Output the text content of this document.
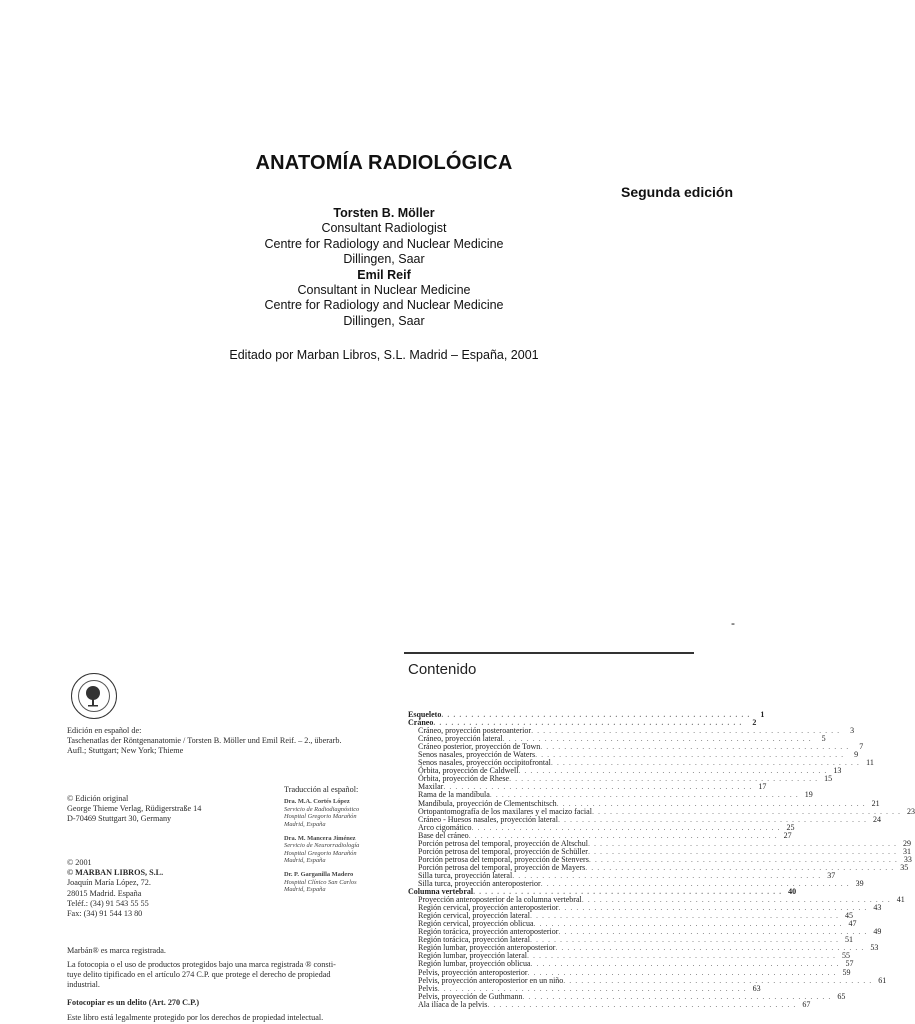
ANATOMÍA RADIOLÓGICA
Segunda edición
Torsten B. Möller
Consultant Radiologist
Centre for Radiology and Nuclear Medicine
Dillingen, Saar
Emil Reif
Consultant in Nuclear Medicine
Centre for Radiology and Nuclear Medicine
Dillingen, Saar
Editado por Marban Libros, S.L. Madrid – España, 2001
-
Edición en español de:
Taschenatlas der Röntgenanatomie / Torsten B. Möller und Emil Reif. – 2., überarb.
Aufl.; Stuttgart; New York; Thieme
© Edición original
George Thieme Verlag, Rüdigerstraße 14
D-70469 Stuttgart 30, Germany
© 2001
© MARBAN LIBROS, S.L.
Joaquín María López, 72.
28015 Madrid. España
Teléf.: (34) 91 543 55 55
Fax: (34) 91 544 13 80
Traducción al español:
Dra. M.A. Cortés López
Servicio de Radiodiagnóstico
Hospital Gregorio Marañón
Madrid, España
Dra. M. Mancera Jiménez
Servicio de Neurorradiología
Hospital Gregorio Marañón
Madrid, España
Dr. P. Garganilla Madero
Hospital Clínico San Carlos
Madrid, España
Marbán® es marca registrada.
La fotocopia o el uso de productos protegidos bajo una marca registrada ® consti-
tuye delito tipificado en el artículo 274 C.P. que protege el derecho de propiedad
industrial.
Fotocopiar es un delito (Art. 270 C.P.)
Este libro está legalmente protegido por los derechos de propiedad intelectual.
Contenido
Esqueleto . . . . . . . . . . . . . . . . . . . . . . . . . . . . . . . . . . . . . . . . . . . . . . . . . . . .	1
Cráneo . . . . . . . . . . . . . . . . . . . . . . . . . . . . . . . . . . . . . . . . . . . . . . . . . . . .	2
Cráneo, proyección posteroanterior . . . . . . . . . . . . . . . . . . . . . . . . . . . . . . . . . . . . . . . . . . . . . . . . . . . .	3
Cráneo, proyección lateral . . . . . . . . . . . . . . . . . . . . . . . . . . . . . . . . . . . . . . . . . . . . . . . . . . . .	5
Cráneo posterior, proyección de Town . . . . . . . . . . . . . . . . . . . . . . . . . . . . . . . . . . . . . . . . . . . . . . . . . . . .	7
Senos nasales, proyección de Waters . . . . . . . . . . . . . . . . . . . . . . . . . . . . . . . . . . . . . . . . . . . . . . . . . . . .	9
Senos nasales, proyección occipitofrontal . . . . . . . . . . . . . . . . . . . . . . . . . . . . . . . . . . . . . . . . . . . . . . . . . . . . 11
Órbita, proyección de Caldwell . . . . . . . . . . . . . . . . . . . . . . . . . . . . . . . . . . . . . . . . . . . . . . . . . . . . 13
Órbita, proyección de Rhese . . . . . . . . . . . . . . . . . . . . . . . . . . . . . . . . . . . . . . . . . . . . . . . . . . . . 15
Maxilar . . . . . . . . . . . . . . . . . . . . . . . . . . . . . . . . . . . . . . . . . . . . . . . . . . . . 17
Rama de la mandíbula . . . . . . . . . . . . . . . . . . . . . . . . . . . . . . . . . . . . . . . . . . . . . . . . . . . . 19
Mandíbula, proyección de Clementschitsch . . . . . . . . . . . . . . . . . . . . . . . . . . . . . . . . . . . . . . . . . . . . . . . . . . . . 21
Ortopantomografía de los maxilares y el macizo facial . . . . . . . . . . . . . . . . . . . . . . . . . . . . . . . . . . . . . . . . . . . . . . . . . . . . 23
Cráneo - Huesos nasales, proyección lateral . . . . . . . . . . . . . . . . . . . . . . . . . . . . . . . . . . . . . . . . . . . . . . . . . . . . 24
Arco cigomático . . . . . . . . . . . . . . . . . . . . . . . . . . . . . . . . . . . . . . . . . . . . . . . . . . . . 25
Base del cráneo . . . . . . . . . . . . . . . . . . . . . . . . . . . . . . . . . . . . . . . . . . . . . . . . . . . . 27
Porción petrosa del temporal, proyección de Altschul . . . . . . . . . . . . . . . . . . . . . . . . . . . . . . . . . . . . . . . . . . . . . . . . . . . . 29
Porción petrosa del temporal, proyección de Schüller . . . . . . . . . . . . . . . . . . . . . . . . . . . . . . . . . . . . . . . . . . . . . . . . . . . . 31
Porción petrosa del temporal, proyección de Stenvers . . . . . . . . . . . . . . . . . . . . . . . . . . . . . . . . . . . . . . . . . . . . . . . . . . . . 33
Porción petrosa del temporal, proyección de Mayers . . . . . . . . . . . . . . . . . . . . . . . . . . . . . . . . . . . . . . . . . . . . . . . . . . . . 35
Silla turca, proyección lateral . . . . . . . . . . . . . . . . . . . . . . . . . . . . . . . . . . . . . . . . . . . . . . . . . . . . 37
Silla turca, proyección anteroposterior . . . . . . . . . . . . . . . . . . . . . . . . . . . . . . . . . . . . . . . . . . . . . . . . . . . . 39
Columna vertebral . . . . . . . . . . . . . . . . . . . . . . . . . . . . . . . . . . . . . . . . . . . . . . . . . . . . 40
Proyección anteroposterior de la columna vertebral . . . . . . . . . . . . . . . . . . . . . . . . . . . . . . . . . . . . . . . . . . . . . . . . . . . . 41
Región cervical, proyección anteroposterior . . . . . . . . . . . . . . . . . . . . . . . . . . . . . . . . . . . . . . . . . . . . . . . . . . . . 43
Región cervical, proyección lateral . . . . . . . . . . . . . . . . . . . . . . . . . . . . . . . . . . . . . . . . . . . . . . . . . . . . 45
Región cervical, proyección oblicua . . . . . . . . . . . . . . . . . . . . . . . . . . . . . . . . . . . . . . . . . . . . . . . . . . . . 47
Región torácica, proyección anteroposterior . . . . . . . . . . . . . . . . . . . . . . . . . . . . . . . . . . . . . . . . . . . . . . . . . . . . 49
Región torácica, proyección lateral . . . . . . . . . . . . . . . . . . . . . . . . . . . . . . . . . . . . . . . . . . . . . . . . . . . . 51
Región lumbar, proyección anteroposterior . . . . . . . . . . . . . . . . . . . . . . . . . . . . . . . . . . . . . . . . . . . . . . . . . . . . 53
Región lumbar, proyección lateral . . . . . . . . . . . . . . . . . . . . . . . . . . . . . . . . . . . . . . . . . . . . . . . . . . . . 55
Región lumbar, proyección oblicua . . . . . . . . . . . . . . . . . . . . . . . . . . . . . . . . . . . . . . . . . . . . . . . . . . . . 57
Pelvis, proyección anteroposterior . . . . . . . . . . . . . . . . . . . . . . . . . . . . . . . . . . . . . . . . . . . . . . . . . . . . 59
Pelvis, proyección anteroposterior en un niño . . . . . . . . . . . . . . . . . . . . . . . . . . . . . . . . . . . . . . . . . . . . . . . . . . . . 61
Pelvis . . . . . . . . . . . . . . . . . . . . . . . . . . . . . . . . . . . . . . . . . . . . . . . . . . . . 63
Pelvis, proyección de Guthmann . . . . . . . . . . . . . . . . . . . . . . . . . . . . . . . . . . . . . . . . . . . . . . . . . . . . 65
Ala ilíaca de la pelvis . . . . . . . . . . . . . . . . . . . . . . . . . . . . . . . . . . . . . . . . . . . . . . . . . . . . 67
